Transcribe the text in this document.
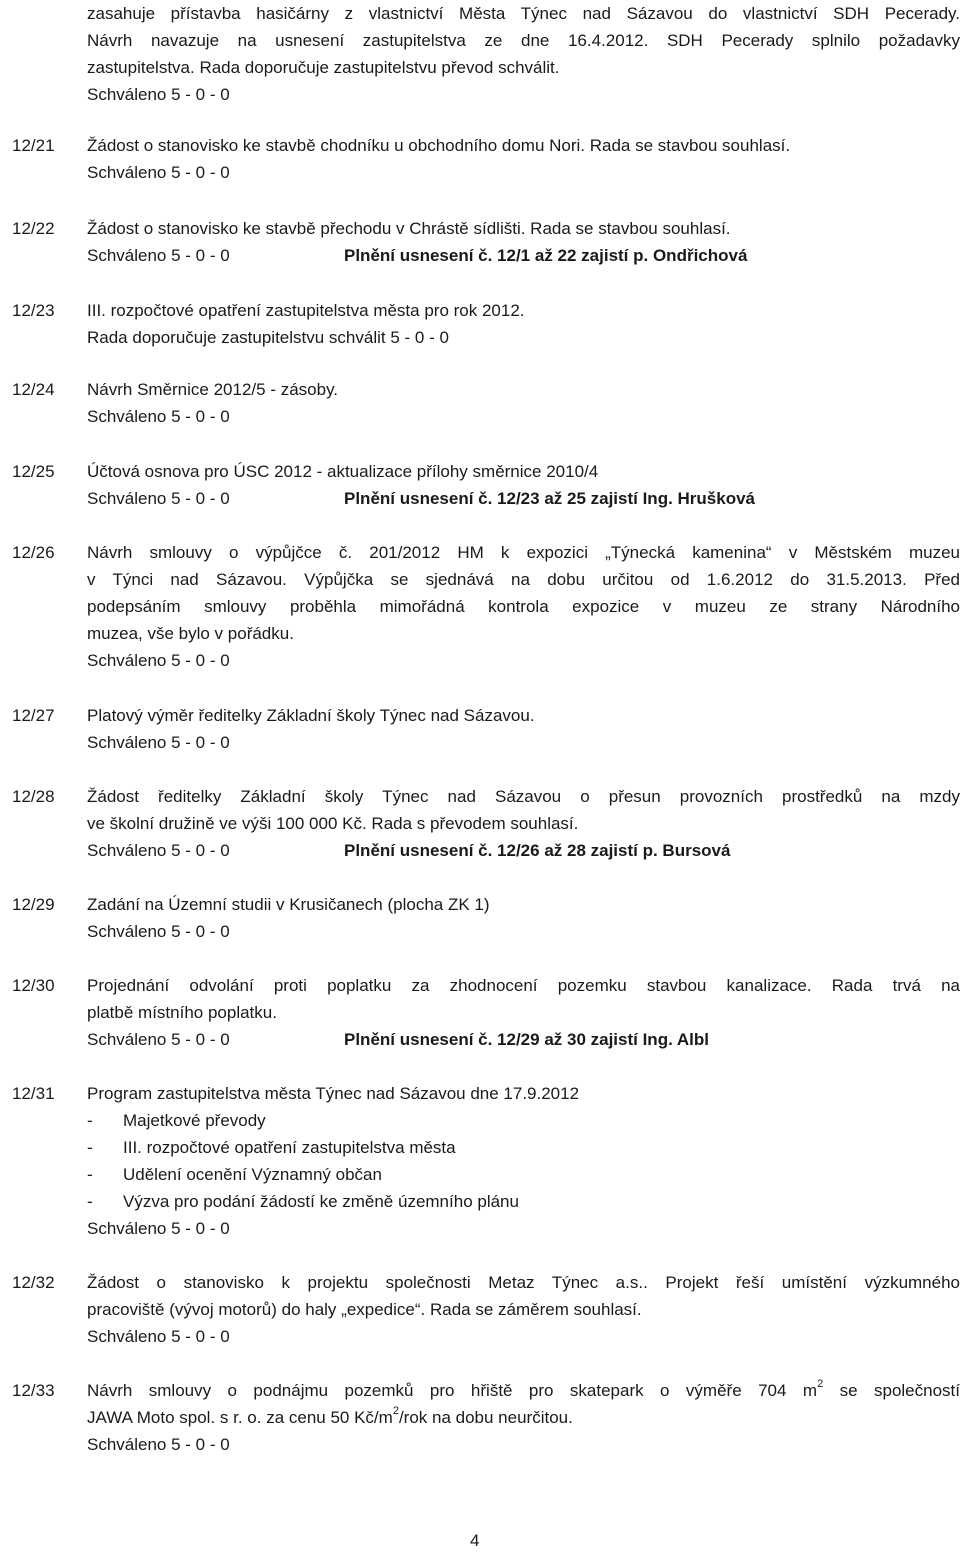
zasahuje přístavba hasičárny z vlastnictví Města Týnec nad Sázavou do vlastnictví SDH Pecerady.
Návrh navazuje na usnesení zastupitelstva ze dne 16.4.2012. SDH Pecerady splnilo požadavky
zastupitelstva. Rada doporučuje zastupitelstvu převod schválit.
Schváleno 5 - 0 - 0
12/21 Žádost o stanovisko ke stavbě chodníku u obchodního domu Nori. Rada se stavbou souhlasí.
Schváleno 5 - 0 - 0
12/22 Žádost o stanovisko ke stavbě přechodu v Chrástě sídlišti. Rada se stavbou souhlasí.
Schváleno 5 - 0 - 0	Plnění usnesení č. 12/1 až 22 zajistí p. Ondřichová
12/23 III. rozpočtové opatření zastupitelstva města pro rok 2012.
Rada doporučuje zastupitelstvu schválit 5 - 0 - 0
12/24 Návrh Směrnice 2012/5 - zásoby.
Schváleno 5 - 0 - 0
12/25 Účtová osnova pro ÚSC 2012 - aktualizace přílohy směrnice 2010/4
Schváleno 5 - 0 - 0	Plnění usnesení č. 12/23 až 25 zajistí Ing. Hrušková
12/26 Návrh smlouvy o výpůjčce č. 201/2012 HM k expozici „Týnecká kamenina“ v Městském muzeu
v Týnci nad Sázavou. Výpůjčka se sjednává na dobu určitou od 1.6.2012 do 31.5.2013. Před
podepsáním smlouvy proběhla mimořádná kontrola expozice v muzeu ze strany Národního
muzea, vše bylo v pořádku.
Schváleno 5 - 0 - 0
12/27 Platový výměr ředitelky Základní školy Týnec nad Sázavou.
Schváleno 5 - 0 - 0
12/28 Žádost ředitelky Základní školy Týnec nad Sázavou o přesun provozních prostředků na mzdy
ve školní družině ve výši 100 000 Kč. Rada s převodem souhlasí.
Schváleno 5 - 0 - 0	Plnění usnesení č. 12/26 až 28 zajistí p. Bursová
12/29 Zadání na Územní studii v Krusičanech (plocha ZK 1)
Schváleno 5 - 0 - 0
12/30 Projednání odvolání proti poplatku za zhodnocení pozemku stavbou kanalizace. Rada trvá na
platbě místního poplatku.
Schváleno 5 - 0 - 0	Plnění usnesení č. 12/29 až 30 zajistí Ing. Albl
12/31 Program zastupitelstva města Týnec nad Sázavou dne 17.9.2012
- Majetkové převody
- III. rozpočtové opatření zastupitelstva města
- Udělení ocenění Významný občan
- Výzva pro podání žádostí ke změně územního plánu
Schváleno 5 - 0 - 0
12/32 Žádost o stanovisko k projektu společnosti Metaz Týnec a.s.. Projekt řeší umístění výzkumného
pracoviště (vývoj motorů) do haly „expedice“. Rada se záměrem souhlasí.
Schváleno 5 - 0 - 0
12/33 Návrh smlouvy o podnájmu pozemků pro hřiště pro skatepark o výměře 704 $m^2$ se společností
JAWA Moto spol. s r. o. za cenu 50 $Kč/m^2$/rok na dobu neurčitou.
Schváleno 5 - 0 - 0
4
